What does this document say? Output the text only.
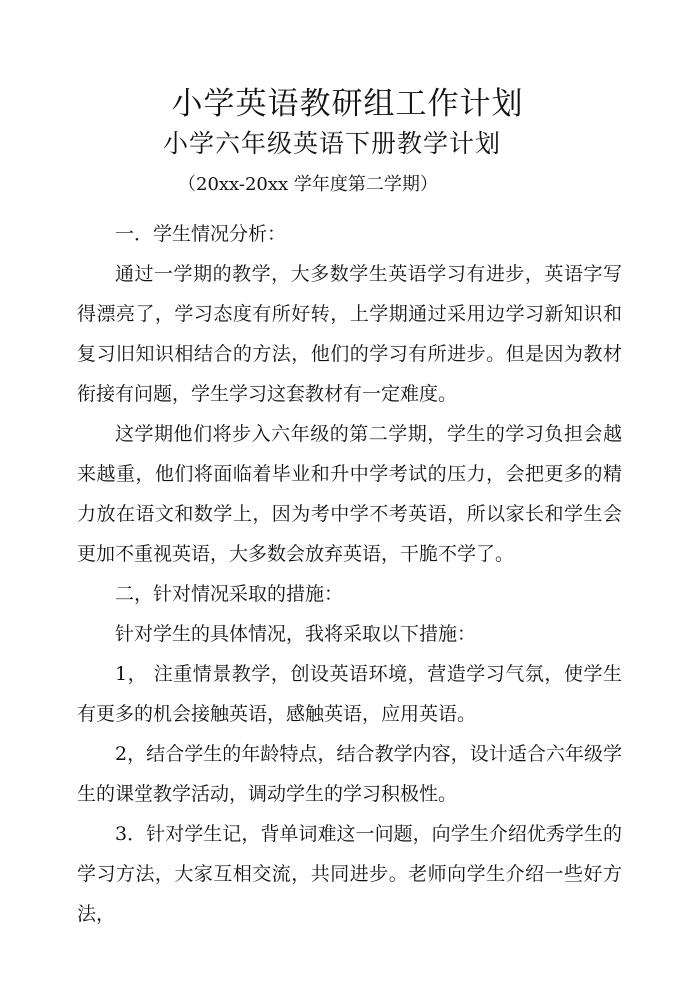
小学英语教研组工作计划
小学六年级英语下册教学计划
（20xx-20xx 学年度第二学期）

一．学生情况分析：

通过一学期的教学，大多数学生英语学习有进步，英语字写得漂亮了，学习态度有所好转，上学期通过采用边学习新知识和复习旧知识相结合的方法，他们的学习有所进步。但是因为教材衔接有问题，学生学习这套教材有一定难度。

这学期他们将步入六年级的第二学期，学生的学习负担会越来越重，他们将面临着毕业和升中学考试的压力，会把更多的精力放在语文和数学上，因为考中学不考英语，所以家长和学生会更加不重视英语，大多数会放弃英语，干脆不学了。

二，针对情况采取的措施：

针对学生的具体情况，我将采取以下措施：

1， 注重情景教学，创设英语环境，营造学习气氛，使学生有更多的机会接触英语，感触英语，应用英语。

2，结合学生的年龄特点，结合教学内容，设计适合六年级学生的课堂教学活动，调动学生的学习积极性。

3．针对学生记，背单词难这一问题，向学生介绍优秀学生的学习方法，大家互相交流，共同进步。老师向学生介绍一些好方法，
